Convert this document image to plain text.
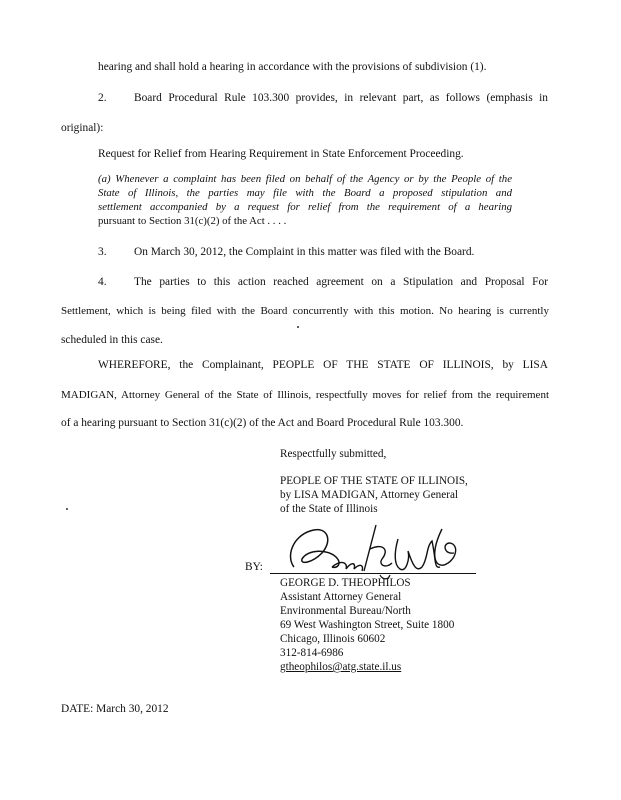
hearing and shall hold a hearing in accordance with the provisions of subdivision (1).
2. Board Procedural Rule 103.300 provides, in relevant part, as follows (emphasis in
original):
Request for Relief from Hearing Requirement in State Enforcement Proceeding.
(a) Whenever a complaint has been filed on behalf of the Agency or by the People of the
State of Illinois, the parties may file with the Board a proposed stipulation and
settlement accompanied by a request for relief from the requirement of a hearing
pursuant to Section 31(c)(2) of the Act . . . .
3. On March 30, 2012, the Complaint in this matter was filed with the Board.
4. The parties to this action reached agreement on a Stipulation and Proposal For
Settlement, which is being filed with the Board concurrently with this motion. No hearing is currently
scheduled in this case.
WHEREFORE, the Complainant, PEOPLE OF THE STATE OF ILLINOIS, by LISA
MADIGAN, Attorney General of the State of Illinois, respectfully moves for relief from the requirement
of a hearing pursuant to Section 31(c)(2) of the Act and Board Procedural Rule 103.300.
Respectfully submitted,
PEOPLE OF THE STATE OF ILLINOIS,
by LISA MADIGAN, Attorney General
of the State of Illinois
BY:
GEORGE D. THEOPHILOS
Assistant Attorney General
Environmental Bureau/North
69 West Washington Street, Suite 1800
Chicago, Illinois 60602
312-814-6986
gtheophilos@atg.state.il.us
DATE: March 30, 2012
